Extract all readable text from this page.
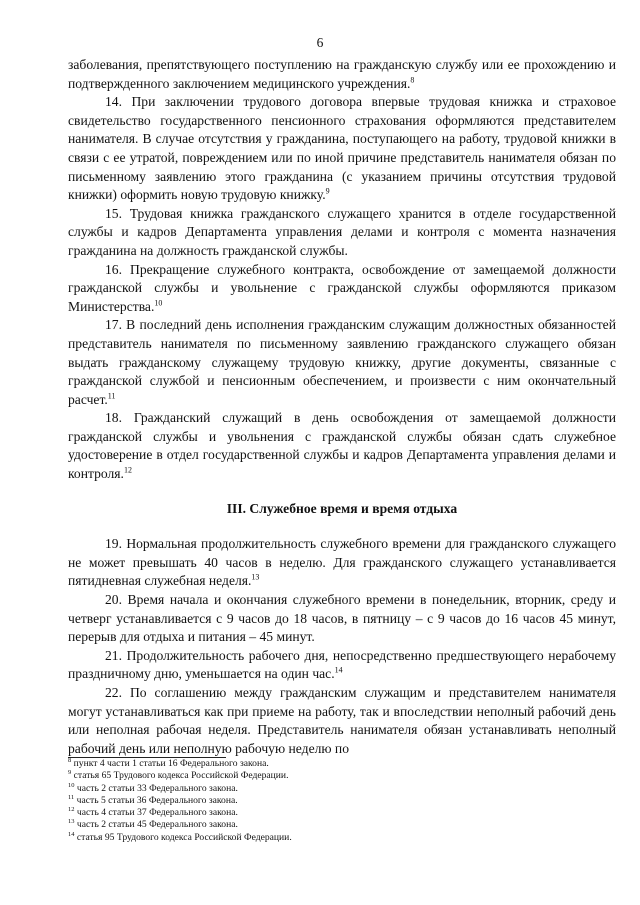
6

заболевания, препятствующего поступлению на гражданскую службу или ее прохождению и подтвержденного заключением медицинского учреждения.$^8$

14. При заключении трудового договора впервые трудовая книжка и страховое свидетельство государственного пенсионного страхования оформляются представителем нанимателя. В случае отсутствия у гражданина, поступающего на работу, трудовой книжки в связи с ее утратой, повреждением или по иной причине представитель нанимателя обязан по письменному заявлению этого гражданина (с указанием причины отсутствия трудовой книжки) оформить новую трудовую книжку.$^9$

15. Трудовая книжка гражданского служащего хранится в отделе государственной службы и кадров Департамента управления делами и контроля с момента назначения гражданина на должность гражданской службы.

16. Прекращение служебного контракта, освобождение от замещаемой должности гражданской службы и увольнение с гражданской службы оформляются приказом Министерства.$^{10}$

17. В последний день исполнения гражданским служащим должностных обязанностей представитель нанимателя по письменному заявлению гражданского служащего обязан выдать гражданскому служащему трудовую книжку, другие документы, связанные с гражданской службой и пенсионным обеспечением, и произвести с ним окончательный расчет.$^{11}$

18. Гражданский служащий в день освобождения от замещаемой должности гражданской службы и увольнения с гражданской службы обязан сдать служебное удостоверение в отдел государственной службы и кадров Департамента управления делами и контроля.$^{12}$

III. Служебное время и время отдыха

19. Нормальная продолжительность служебного времени для гражданского служащего не может превышать 40 часов в неделю. Для гражданского служащего устанавливается пятидневная служебная неделя.$^{13}$

20. Время начала и окончания служебного времени в понедельник, вторник, среду и четверг устанавливается с 9 часов до 18 часов, в пятницу – с 9 часов до 16 часов 45 минут, перерыв для отдыха и питания – 45 минут.

21. Продолжительность рабочего дня, непосредственно предшествующего нерабочему праздничному дню, уменьшается на один час.$^{14}$

22. По соглашению между гражданским служащим и представителем нанимателя могут устанавливаться как при приеме на работу, так и впоследствии неполный рабочий день или неполная рабочая неделя. Представитель нанимателя обязан устанавливать неполный рабочий день или неполную рабочую неделю по

$^8$ пункт 4 части 1 статьи 16 Федерального закона.

$^9$ статья 65 Трудового кодекса Российской Федерации.

$^{10}$ часть 2 статьи 33 Федерального закона.

$^{11}$ часть 5 статьи 36 Федерального закона.

$^{12}$ часть 4 статьи 37 Федерального закона.

$^{13}$ часть 2 статьи 45 Федерального закона.

$^{14}$ статья 95 Трудового кодекса Российской Федерации.
